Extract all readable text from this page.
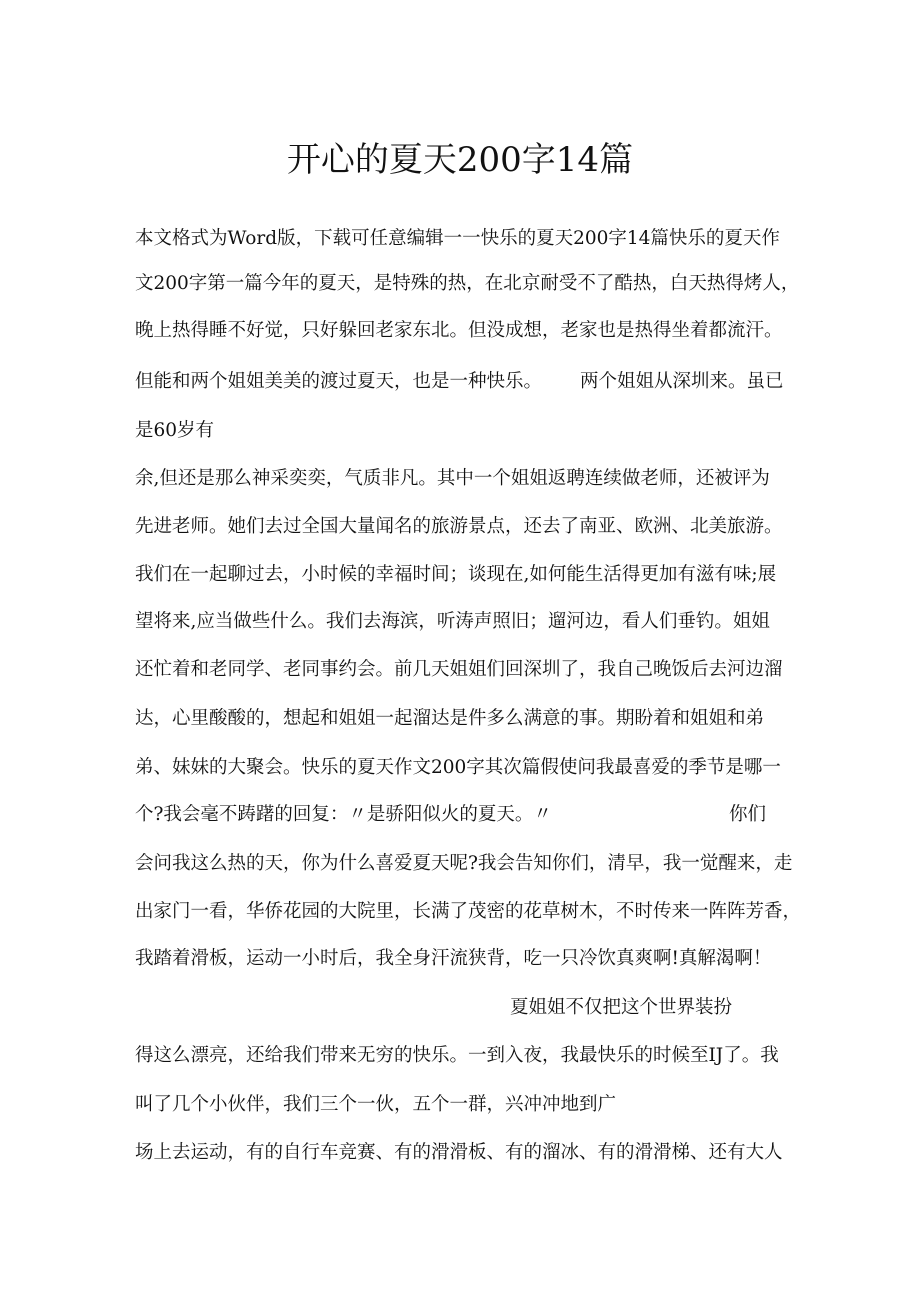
开心的夏天200字14篇
本文格式为Word版，下载可任意编辑一一快乐的夏天200字14篇快乐的夏天作
文200字第一篇今年的夏天，是特殊的热，在北京耐受不了酷热，白天热得烤人，
晚上热得睡不好觉，只好躲回老家东北。但没成想，老家也是热得坐着都流汗。
但能和两个姐姐美美的渡过夏天，也是一种快乐。 两个姐姐从深圳来。虽已
是60岁有
余,但还是那么神采奕奕，气质非凡。其中一个姐姐返聘连续做老师，还被评为
先进老师。她们去过全国大量闻名的旅游景点，还去了南亚、欧洲、北美旅游。
我们在一起聊过去，小时候的幸福时间；谈现在,如何能生活得更加有滋有味;展
望将来,应当做些什么。我们去海滨，听涛声照旧；遛河边，看人们垂钓。姐姐
还忙着和老同学、老同事约会。前几天姐姐们回深圳了，我自己晚饭后去河边溜
达，心里酸酸的，想起和姐姐一起溜达是件多么满意的事。期盼着和姐姐和弟
弟、妹妹的大聚会。快乐的夏天作文200字其次篇假使问我最喜爱的季节是哪一
个?我会毫不踌躇的回复：〃是骄阳似火的夏天。〃	你们
会问我这么热的天，你为什么喜爱夏天呢?我会告知你们，清早，我一觉醒来，走
出家门一看，华侨花园的大院里，长满了茂密的花草树木，不时传来一阵阵芳香，
我踏着滑板，运动一小时后，我全身汗流狭背，吃一只冷饮真爽啊!真解渴啊！
夏姐姐不仅把这个世界装扮
得这么漂亮，还给我们带来无穷的快乐。一到入夜，我最快乐的时候至IJ了。我
叫了几个小伙伴，我们三个一伙，五个一群，兴冲冲地到广
场上去运动，有的自行车竞赛、有的滑滑板、有的溜冰、有的滑滑梯、还有大人
